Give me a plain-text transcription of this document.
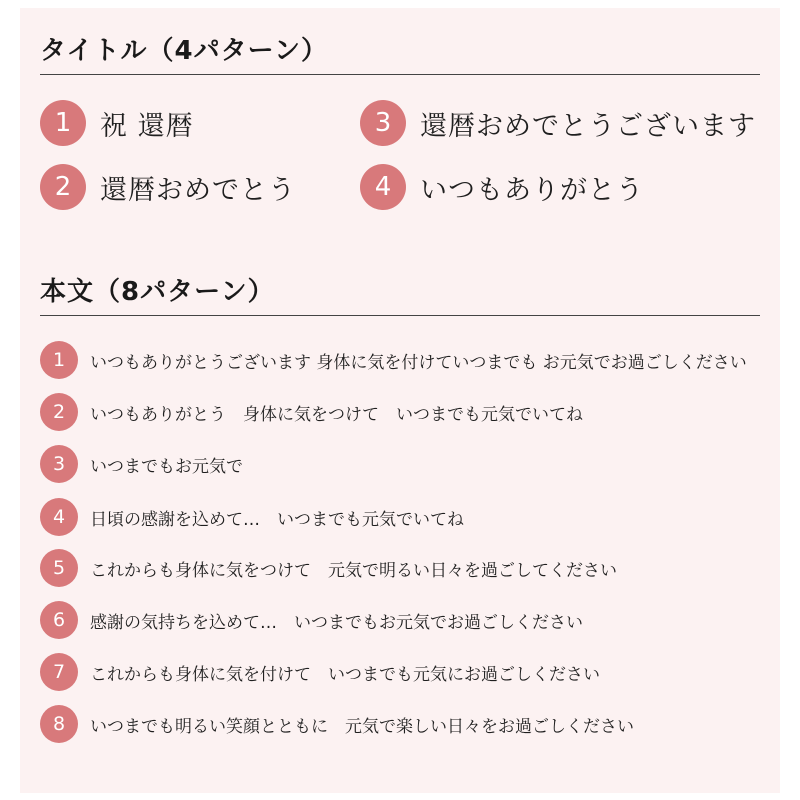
タイトル（4パターン）
1	祝 還暦
2	還暦おめでとう
3	還暦おめでとうございます
4	いつもありがとう
本文（8パターン）
1	いつもありがとうございます 身体に気を付けていつまでも お元気でお過ごしください
2	いつもありがとう　身体に気をつけて　いつまでも元気でいてね
3	いつまでもお元気で
4	日頃の感謝を込めて…　いつまでも元気でいてね
5	これからも身体に気をつけて　元気で明るい日々を過ごしてください
6	感謝の気持ちを込めて…　いつまでもお元気でお過ごしください
7	これからも身体に気を付けて　いつまでも元気にお過ごしください
8	いつまでも明るい笑顔とともに　元気で楽しい日々をお過ごしください
